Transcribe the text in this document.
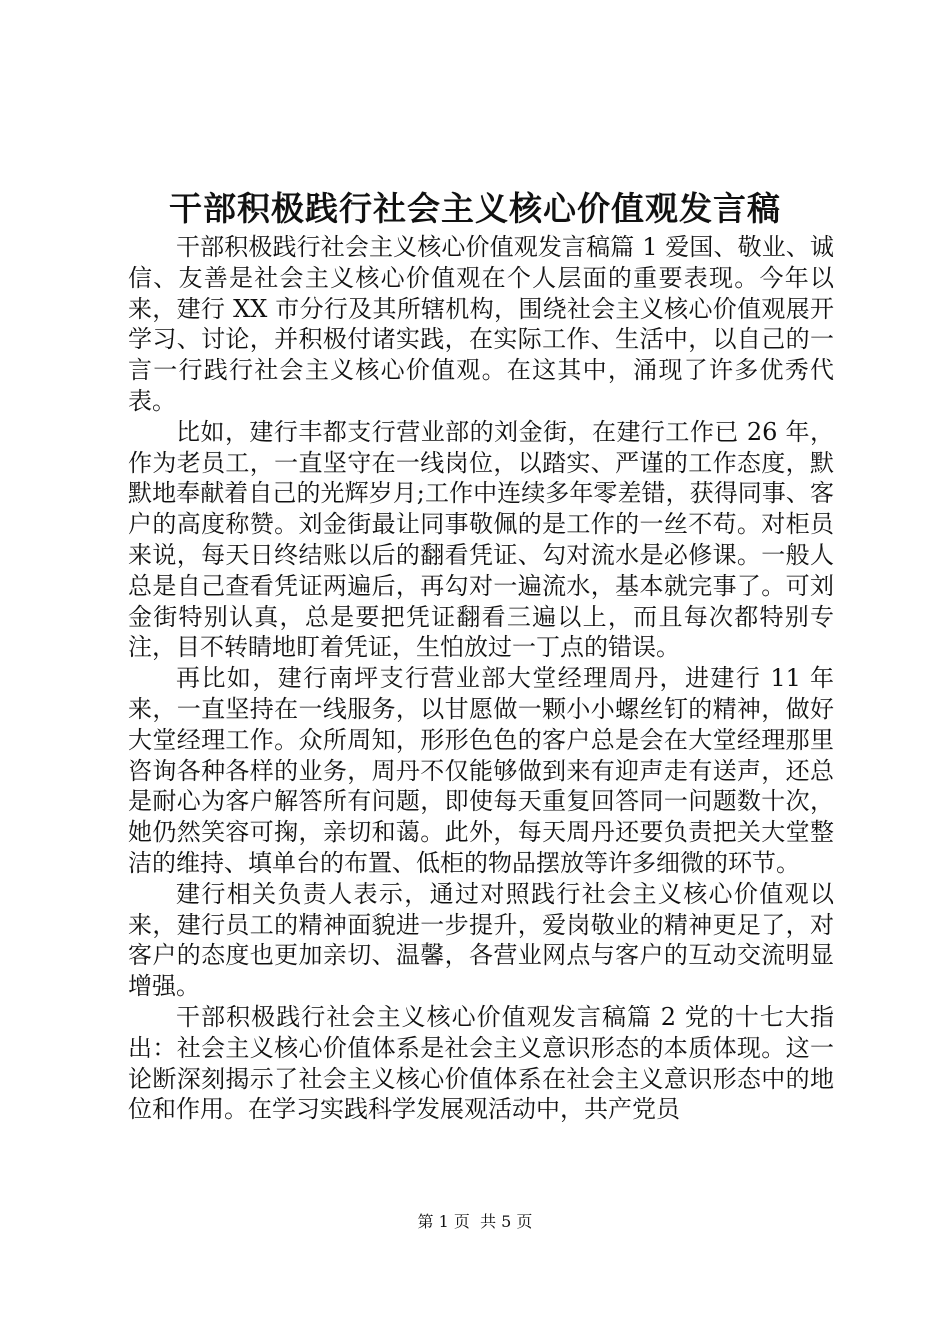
干部积极践行社会主义核心价值观发言稿

干部积极践行社会主义核心价值观发言稿篇 1 爱国、敬业、诚信、友善是社会主义核心价值观在个人层面的重要表现。今年以来，建行 XX 市分行及其所辖机构，围绕社会主义核心价值观展开学习、讨论，并积极付诸实践，在实际工作、生活中，以自己的一言一行践行社会主义核心价值观。在这其中，涌现了许多优秀代表。

比如，建行丰都支行营业部的刘金街，在建行工作已 26 年，作为老员工，一直坚守在一线岗位，以踏实、严谨的工作态度，默默地奉献着自己的光辉岁月;工作中连续多年零差错，获得同事、客户的高度称赞。刘金街最让同事敬佩的是工作的一丝不苟。对柜员来说，每天日终结账以后的翻看凭证、勾对流水是必修课。一般人总是自己查看凭证两遍后，再勾对一遍流水，基本就完事了。可刘金街特别认真，总是要把凭证翻看三遍以上，而且每次都特别专注，目不转睛地盯着凭证，生怕放过一丁点的错误。

再比如，建行南坪支行营业部大堂经理周丹，进建行 11 年来，一直坚持在一线服务，以甘愿做一颗小小螺丝钉的精神，做好大堂经理工作。众所周知，形形色色的客户总是会在大堂经理那里咨询各种各样的业务，周丹不仅能够做到来有迎声走有送声，还总是耐心为客户解答所有问题，即使每天重复回答同一问题数十次，她仍然笑容可掬，亲切和蔼。此外，每天周丹还要负责把关大堂整洁的维持、填单台的布置、低柜的物品摆放等许多细微的环节。

建行相关负责人表示，通过对照践行社会主义核心价值观以来，建行员工的精神面貌进一步提升，爱岗敬业的精神更足了，对客户的态度也更加亲切、温馨，各营业网点与客户的互动交流明显增强。

干部积极践行社会主义核心价值观发言稿篇 2 党的十七大指出：社会主义核心价值体系是社会主义意识形态的本质体现。这一论断深刻揭示了社会主义核心价值体系在社会主义意识形态中的地位和作用。在学习实践科学发展观活动中，共产党员

第 1 页 共 5 页
